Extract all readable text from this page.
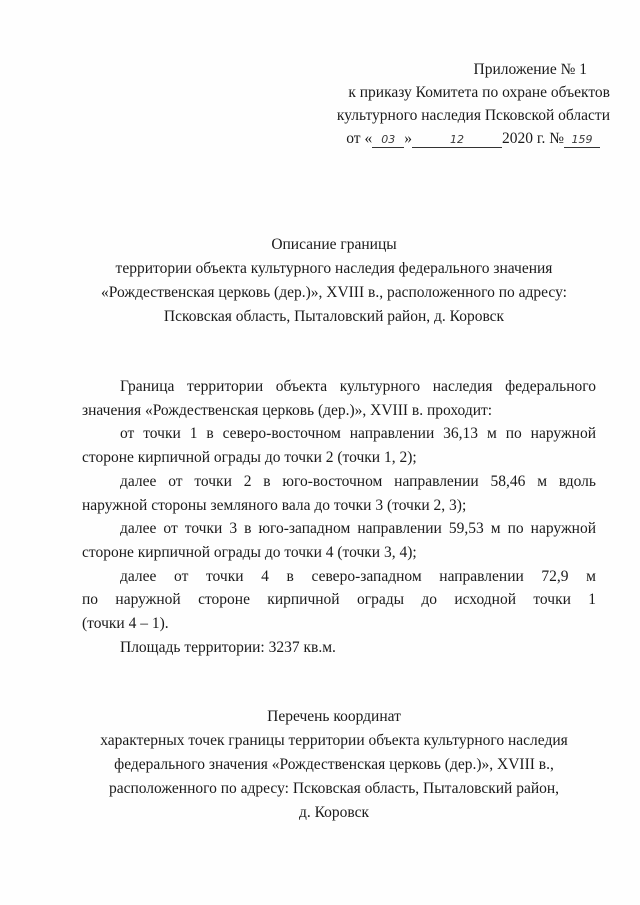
Приложение № 1
к приказу Комитета по охране объектов
культурного наследия Псковской области
от « 03 »	12 2020 г. № 159
Описание границы
территории объекта культурного наследия федерального значения
«Рождественская церковь (дер.)», XVIII в., расположенного по адресу:
Псковская область, Пыталовский район, д. Коровск
Граница территории объекта культурного наследия федерального
значения «Рождественская церковь (дер.)», XVIII в. проходит:
от точки 1 в северо-восточном направлении 36,13 м по наружной
стороне кирпичной ограды до точки 2 (точки 1, 2);
далее от точки 2 в юго-восточном направлении 58,46 м вдоль
наружной стороны земляного вала до точки 3 (точки 2, 3);
далее от точки 3 в юго-западном направлении 59,53 м по наружной
стороне кирпичной ограды до точки 4 (точки 3, 4);
далее от точки 4 в северо-западном направлении 72,9 м
по наружной стороне кирпичной ограды до исходной точки 1
(точки 4 – 1).
Площадь территории: 3237 кв.м.
Перечень координат
характерных точек границы территории объекта культурного наследия
федерального значения «Рождественская церковь (дер.)», XVIII в.,
расположенного по адресу: Псковская область, Пыталовский район,
д. Коровск
